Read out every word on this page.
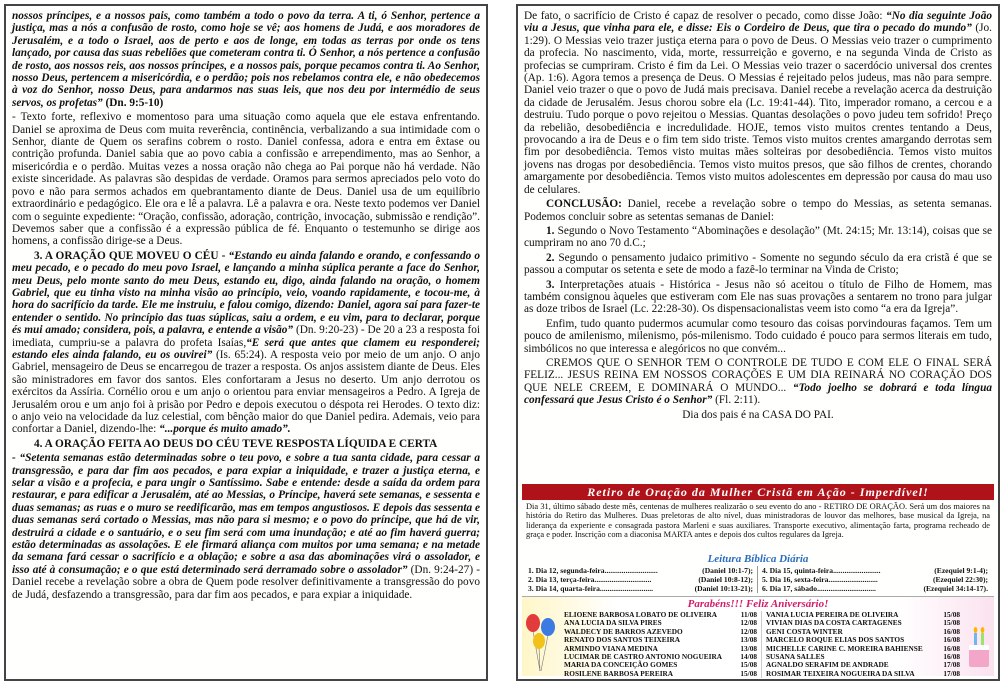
nossos príncipes, e a nossos pais, como também a todo o povo da terra. A ti, ó Senhor, pertence a justiça, mas a nós a confusão de rosto, como hoje se vê; aos homens de Judá, e aos moradores de Jerusalém, e a todo o Israel, aos de perto e aos de longe, em todas as terras por onde os tens lançado, por causa das suas rebeliões que cometeram contra ti. Ó Senhor, a nós pertence a confusão de rosto, aos nossos reis, aos nossos príncipes, e a nossos pais, porque pecamos contra ti. Ao Senhor, nosso Deus, pertencem a misericórdia, e o perdão; pois nos rebelamos contra ele, e não obedecemos à voz do Senhor, nosso Deus, para andarmos nas suas leis, que nos deu por intermédio de seus servos, os profetas” (Dn. 9:5-10)

- Texto forte, reflexivo e momentoso para uma situação como aquela que ele estava enfrentando. Daniel se aproxima de Deus com muita reverência, continência, verbalizando a sua intimidade com o Senhor, diante de Quem os serafins cobrem o rosto. Daniel confessa, adora e entra em êxtase ou contrição profunda. Daniel sabia que ao povo cabia a confissão e arrependimento, mas ao Senhor, a misericórdia e o perdão. Muitas vezes a nossa oração não chega ao Pai porque não há verdade. Não existe sinceridade. As palavras são despidas de verdade. Oramos para sermos apreciados pelo voto do povo e não para sermos achados em quebrantamento diante de Deus. Daniel usa de um equilíbrio extraordinário e pedagógico. Ele ora e lê a palavra. Lê a palavra e ora. Neste texto podemos ver Daniel com o seguinte expediente: “Oração, confissão, adoração, contrição, invocação, submissão e rendição”. Devemos saber que a confissão é a expressão pública de fé. Enquanto o testemunho se dirige aos homens, a confissão dirige-se a Deus.

3. A ORAÇÃO QUE MOVEU O CÉU - “Estando eu ainda falando e orando, e confessando o meu pecado, e o pecado do meu povo Israel, e lançando a minha súplica perante a face do Senhor, meu Deus, pelo monte santo do meu Deus, estando eu, digo, ainda falando na oração, o homem Gabriel, que eu tinha visto na minha visão ao princípio, veio, voando rapidamente, e tocou-me, à hora do sacrifício da tarde. Ele me instruiu, e falou comigo, dizendo: Daniel, agora saí para fazer-te entender o sentido. No princípio das tuas súplicas, saiu a ordem, e eu vim, para to declarar, porque és mui amado; considera, pois, a palavra, e entende a visão” (Dn. 9:20-23) - De 20 a 23 a resposta foi imediata, cumpriu-se a palavra do profeta Isaías,“E será que antes que clamem eu responderei; estando eles ainda falando, eu os ouvirei” (Is. 65:24). A resposta veio por meio de um anjo. O anjo Gabriel, mensageiro de Deus se encarregou de trazer a resposta. Os anjos assistem diante de Deus. Eles são ministradores em favor dos santos. Eles confortaram a Jesus no deserto. Um anjo derrotou os exércitos da Assíria. Cornélio orou e um anjo o orientou para enviar mensageiros a Pedro. A Igreja de Jerusalém orou e um anjo foi à prisão por Pedro e depois executou o déspota rei Herodes. O texto diz: o anjo veio na velocidade da luz celestial, com bênção maior do que Daniel pedira. Ademais, veio para confortar a Daniel, dizendo-lhe: “...porque és muito amado”.

4. A ORAÇÃO FEITA AO DEUS DO CÉU TEVE RESPOSTA LÍQUIDA E CERTA

- “Setenta semanas estão determinadas sobre o teu povo, e sobre a tua santa cidade, para cessar a transgressão, e para dar fim aos pecados, e para expiar a iniquidade, e trazer a justiça eterna, e selar a visão e a profecia, e para ungir o Santíssimo. Sabe e entende: desde a saída da ordem para restaurar, e para edificar a Jerusalém, até ao Messias, o Príncipe, haverá sete semanas, e sessenta e duas semanas; as ruas e o muro se reedificarão, mas em tempos angustiosos. E depois das sessenta e duas semanas será cortado o Messias, mas não para si mesmo; e o povo do príncipe, que há de vir, destruirá a cidade e o santuário, e o seu fim será com uma inundação; e até ao fim haverá guerra; estão determinadas as assolações. E ele firmará aliança com muitos por uma semana; e na metade da semana fará cessar o sacrifício e a oblação; e sobre a asa das abominações virá o assolador, e isso até à consumação; e o que está determinado será derramado sobre o assolador” (Dn. 9:24-27) - Daniel recebe a revelação sobre a obra de Quem pode resolver definitivamente a transgressão do povo de Judá, desfazendo a transgressão, para dar fim aos pecados, e para expiar a iniquidade.

De fato, o sacrifício de Cristo é capaz de resolver o pecado, como disse João: “No dia seguinte João viu a Jesus, que vinha para ele, e disse: Eis o Cordeiro de Deus, que tira o pecado do mundo” (Jo. 1:29). O Messias veio trazer justiça eterna para o povo de Deus. O Messias veio trazer o cumprimento da profecia. No nascimento, vida, morte, ressurreição e governo, e na segunda Vinda de Cristo as profecias se cumpriram. Cristo é fim da Lei. O Messias veio trazer o sacerdócio universal dos crentes (Ap. 1:6). Agora temos a presença de Deus. O Messias é rejeitado pelos judeus, mas não para sempre. Daniel veio trazer o que o povo de Judá mais precisava. Daniel recebe a revelação acerca da destruição da cidade de Jerusalém. Jesus chorou sobre ela (Lc. 19:41-44). Tito, imperador romano, a cercou e a destruiu. Tudo porque o povo rejeitou o Messias. Quantas desolações o povo judeu tem sofrido! Preço da rebelião, desobediência e incredulidade. HOJE, temos visto muitos crentes tentando a Deus, provocando a ira de Deus e o fim tem sido triste. Temos visto muitos crentes amargando derrotas sem fim por desobediência. Temos visto muitas mães solteiras por desobediência. Temos visto muitos jovens nas drogas por desobediência. Temos visto muitos presos, que são filhos de crentes, chorando amargamente por desobediência. Temos visto muitos adolescentes em depressão por causa do mau uso de celulares.

CONCLUSÃO: Daniel, recebe a revelação sobre o tempo do Messias, as setenta semanas. Podemos concluir sobre as setentas semanas de Daniel:

1. Segundo o Novo Testamento “Abominações e desolação” (Mt. 24:15; Mr. 13:14), coisas que se cumpriram no ano 70 d.C.;

2. Segundo o pensamento judaico primitivo - Somente no segundo século da era cristã é que se passou a computar os setenta e sete de modo a fazê-lo terminar na Vinda de Cristo;

3. Interpretações atuais - Histórica - Jesus não só aceitou o título de Filho de Homem, mas também consignou àqueles que estiveram com Ele nas suas provações a sentarem no trono para julgar as doze tribos de Israel (Lc. 22:28-30). Os dispensacionalistas veem isto como “a era da Igreja”.

Enfim, tudo quanto pudermos acumular como tesouro das coisas porvindouras façamos. Tem um pouco de amilenismo, milenismo, pós-milenismo. Todo cuidado é pouco para sermos literais em tudo, simbólicos no que interessa e alegóricos no que convém...

CREMOS QUE O SENHOR TEM O CONTROLE DE TUDO E COM ELE O FINAL SERÁ FELIZ... JESUS REINA EM NOSSOS CORAÇÕES E UM DIA REINARÁ NO CORAÇÃO DOS QUE NELE CREEM, E DOMINARÁ O MUNDO... “Todo joelho se dobrará e toda língua confessará que Jesus Cristo é o Senhor” (Fl. 2:11).

Dia dos pais é na CASA DO PAI.

Retiro de Oração da Mulher Cristã em Ação - Imperdível!
Dia 31, último sábado deste mês, centenas de mulheres realizarão o seu evento do ano - RETIRO DE ORAÇÃO. Será um dos maiores na história do Retiro das Mulheres. Duas preletoras de alto nível, duas ministradoras de louvor das melhores, base musical da Igreja, na liderança da experiente e consagrada pastora Marleni e suas auxiliares. Transporte executivo, alimentação farta, programa recheado de graça e poder. Inscrição com a diaconisa MARTA antes e depois dos cultos regulares da Igreja.
Leitura Bíblica Diária
1. Dia 12, segunda-feira............................	(Daniel 10:1-7); 4. Dia 15, quinta-feira.........................	(Ezequiel 9:1-4);
2. Dia 13, terça-feira..............................	(Daniel 10:8-12); 5. Dia 16, sexta-feira..........................	(Ezequiel 22:30);
3. Dia 14, quarta-feira............................	(Daniel 10:13-21); 6. Dia 17, sábado...............................	(Ezequiel 34:14-17).
Parabéns!!! Feliz Aniversário!
ELIOENE BARBOSA LOBATO DE OLIVEIRA	11/08
ANA LUCIA DA SILVA PIRES	12/08
WALDECY DE BARROS AZEVEDO	12/08
RENATO DOS SANTOS TEIXEIRA	13/08
ARMINDO VIANA MEDINA	13/08
LUCIMAR DE CASTRO ANTONIO NOGUEIRA	14/08
MARIA DA CONCEIÇÃO GOMES	15/08
ROSILENE BARBOSA PEREIRA	15/08
VANIA LUCIA PEREIRA DE OLIVEIRA	15/08
VIVIAN DIAS DA COSTA CARTAGENES	15/08
GENI COSTA WINTER	16/08
MARCELO ROQUE ELIAS DOS SANTOS	16/08
MICHELLE CARINE C. MOREIRA BAHIENSE	16/08
SUSANA SALLES	16/08
AGNALDO SERAFIM DE ANDRADE	17/08
ROSIMAR TEIXEIRA NOGUEIRA DA SILVA	17/08
